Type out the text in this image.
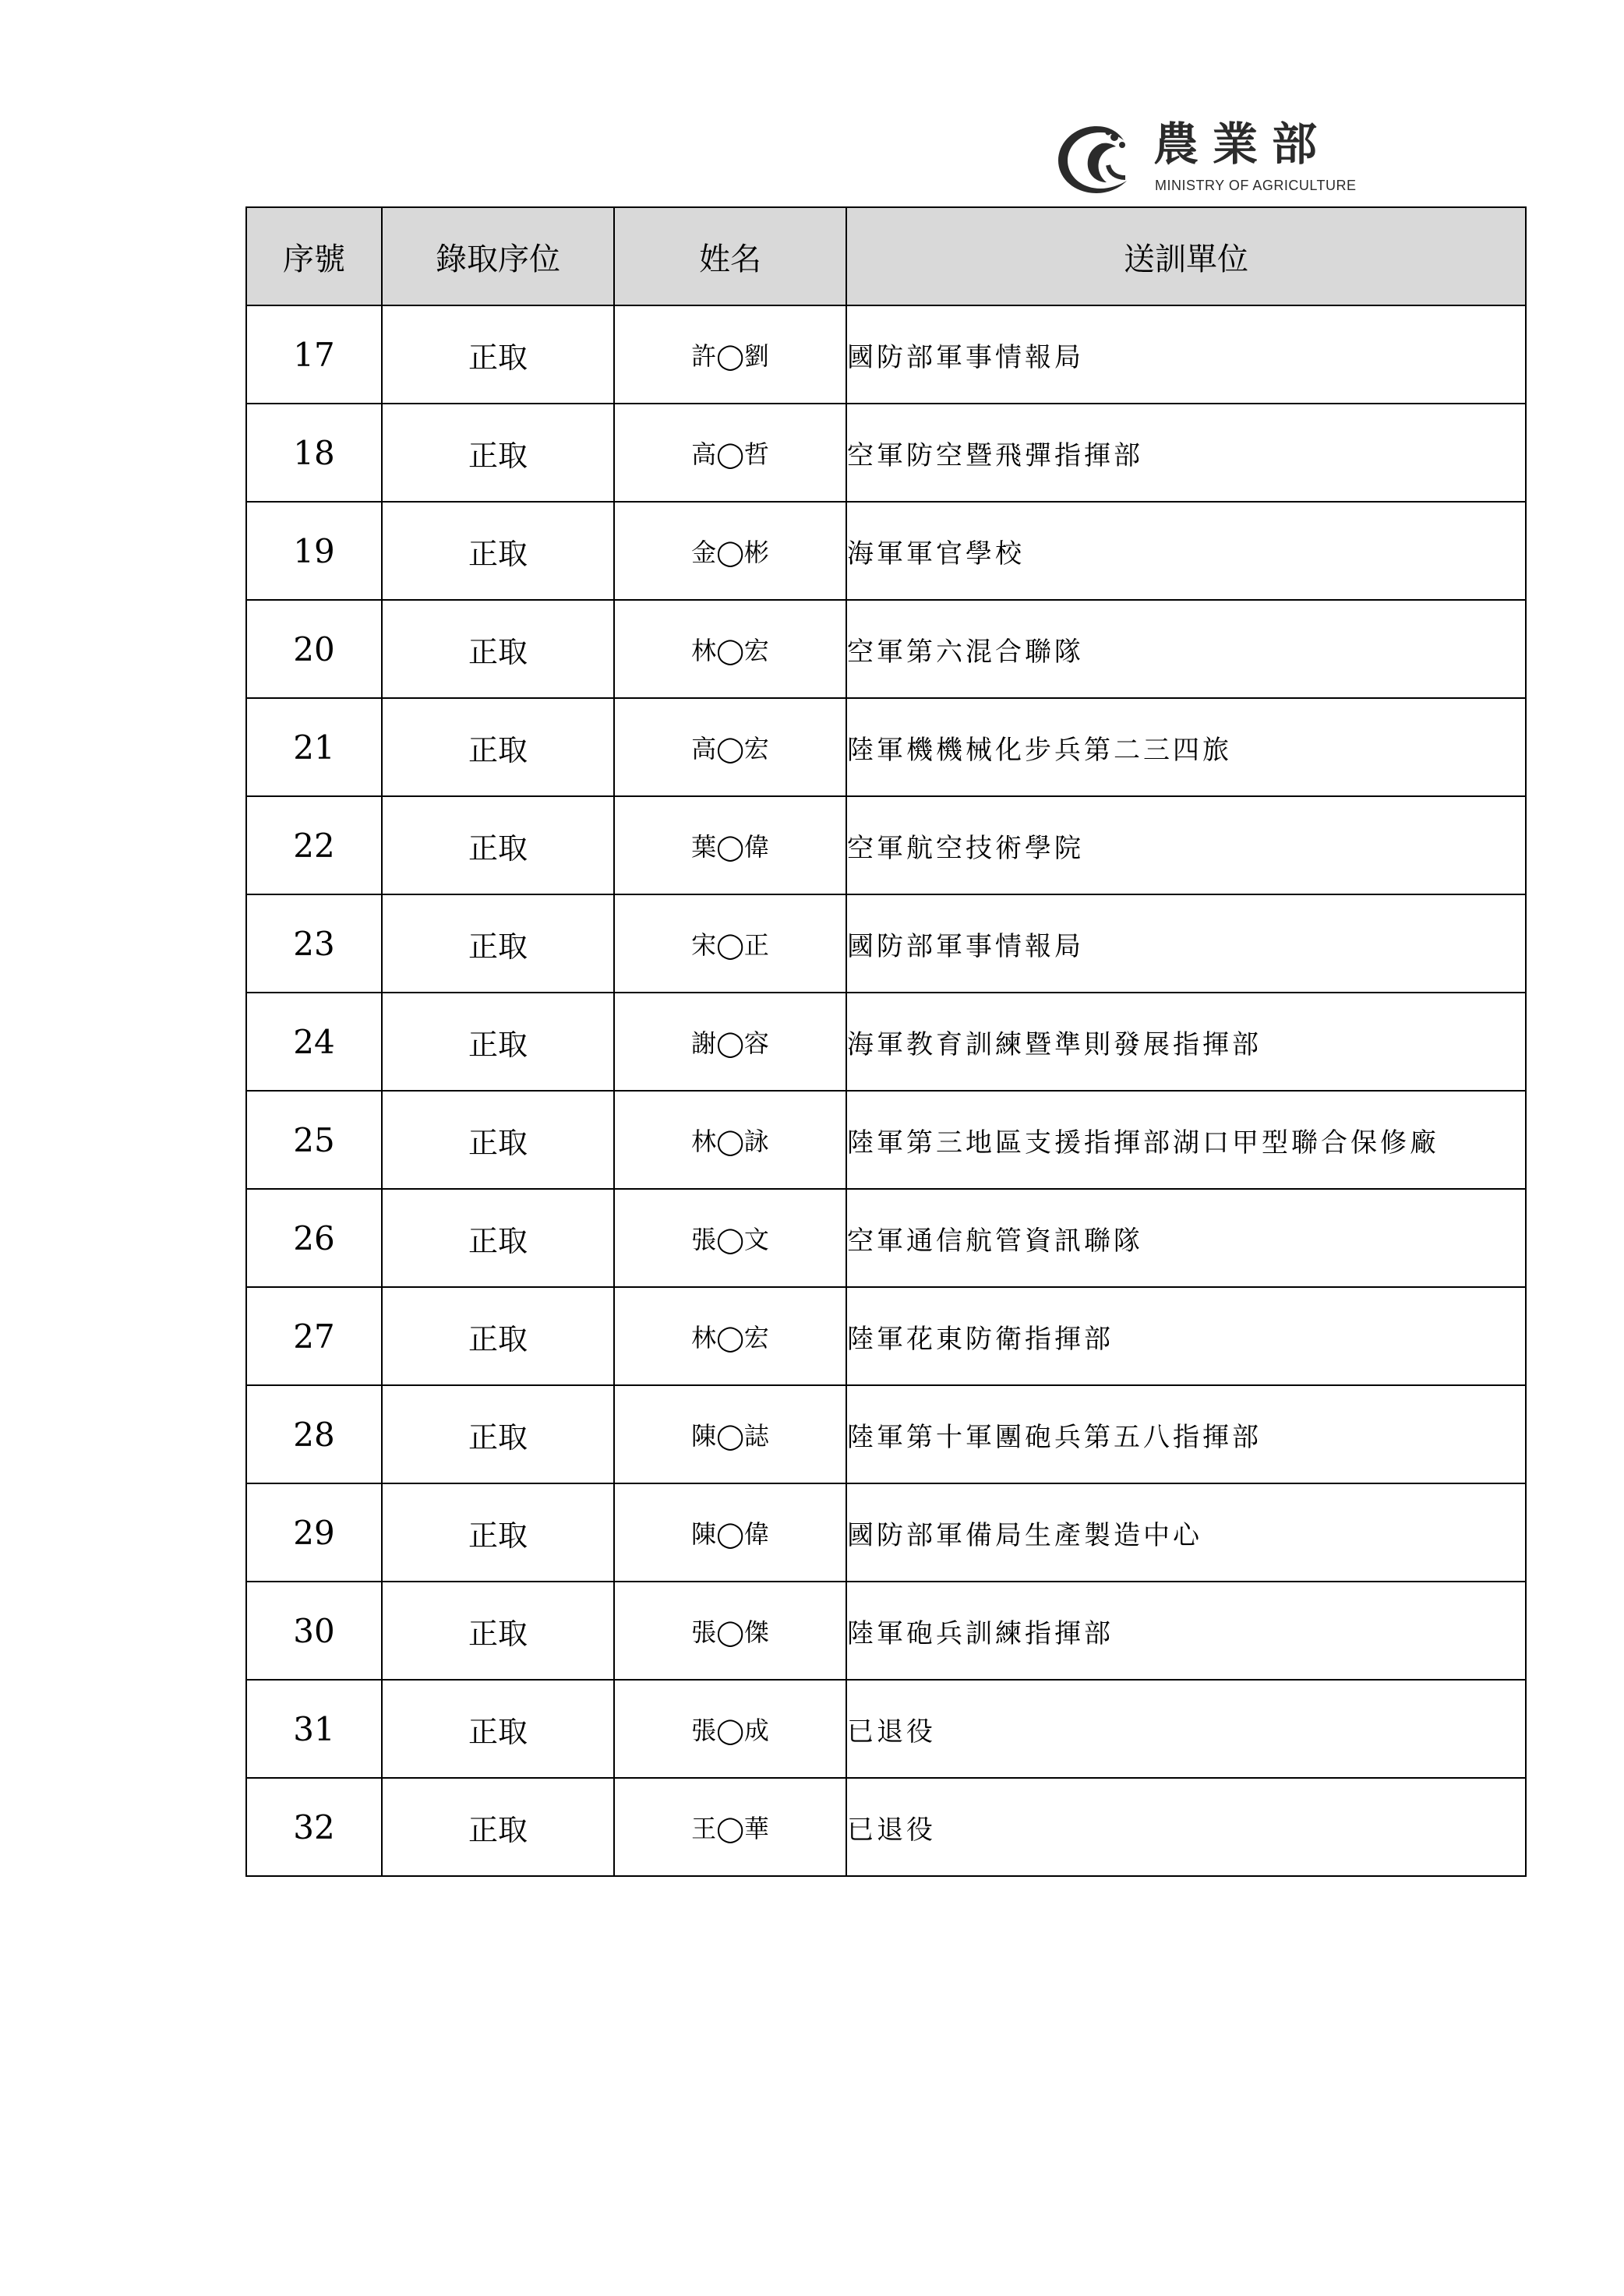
農業部
MINISTRY OF AGRICULTURE
序號	錄取序位	姓名	送訓單位
17	正取	許◯劉	國防部軍事情報局
18	正取	高◯哲	空軍防空暨飛彈指揮部
19	正取	金◯彬	海軍軍官學校
20	正取	林◯宏	空軍第六混合聯隊
21	正取	高◯宏	陸軍機機械化步兵第二三四旅
22	正取	葉◯偉	空軍航空技術學院
23	正取	宋◯正	國防部軍事情報局
24	正取	謝◯容	海軍教育訓練暨準則發展指揮部
25	正取	林◯詠	陸軍第三地區支援指揮部湖口甲型聯合保修廠
26	正取	張◯文	空軍通信航管資訊聯隊
27	正取	林◯宏	陸軍花東防衛指揮部
28	正取	陳◯誌	陸軍第十軍團砲兵第五八指揮部
29	正取	陳◯偉	國防部軍備局生產製造中心
30	正取	張◯傑	陸軍砲兵訓練指揮部
31	正取	張◯成	已退役
32	正取	王◯華	已退役
